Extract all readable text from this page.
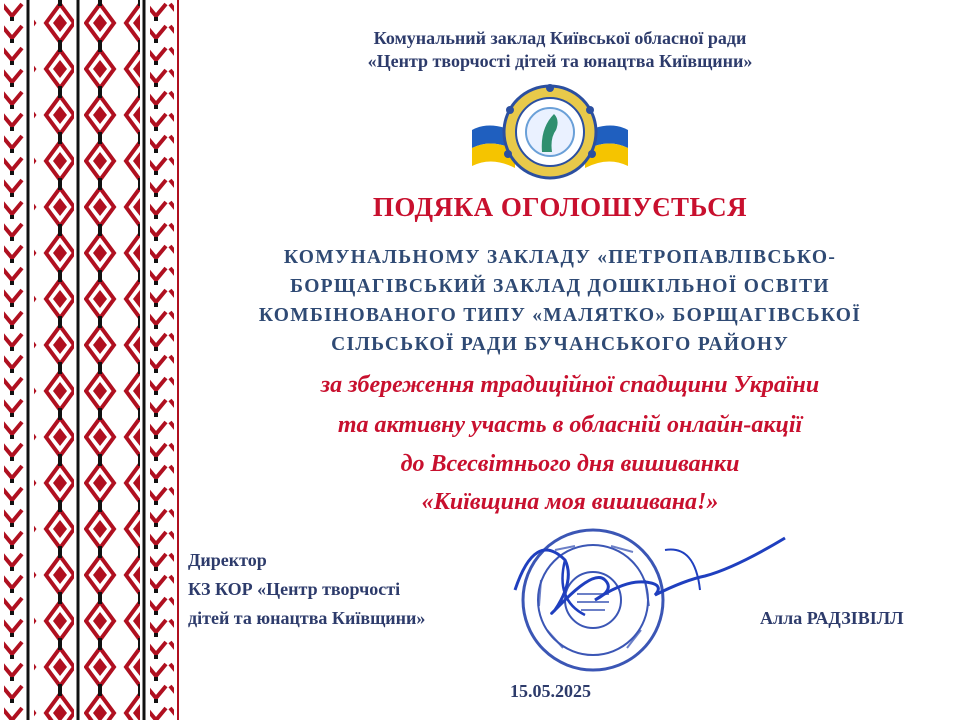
Комунальний заклад Київської обласної ради
«Центр творчості дітей та юнацтва Київщини»
ПОДЯКА ОГОЛОШУЄТЬСЯ
КОМУНАЛЬНОМУ ЗАКЛАДУ «ПЕТРОПАВЛІВСЬКО-
БОРЩАГІВСЬКИЙ ЗАКЛАД ДОШКІЛЬНОЇ ОСВІТИ
КОМБІНОВАНОГО ТИПУ «МАЛЯТКО» БОРЩАГІВСЬКОЇ
СІЛЬСЬКОЇ РАДИ БУЧАНСЬКОГО РАЙОНУ
за збереження традиційної спадщини України
та активну участь в обласній онлайн-акції
до Всесвітнього дня вишиванки
«Київщина моя вишивана!»
Директор
КЗ КОР «Центр творчості
дітей та юнацтва Київщини»	Алла РАДЗІВІЛЛ
15.05.2025
